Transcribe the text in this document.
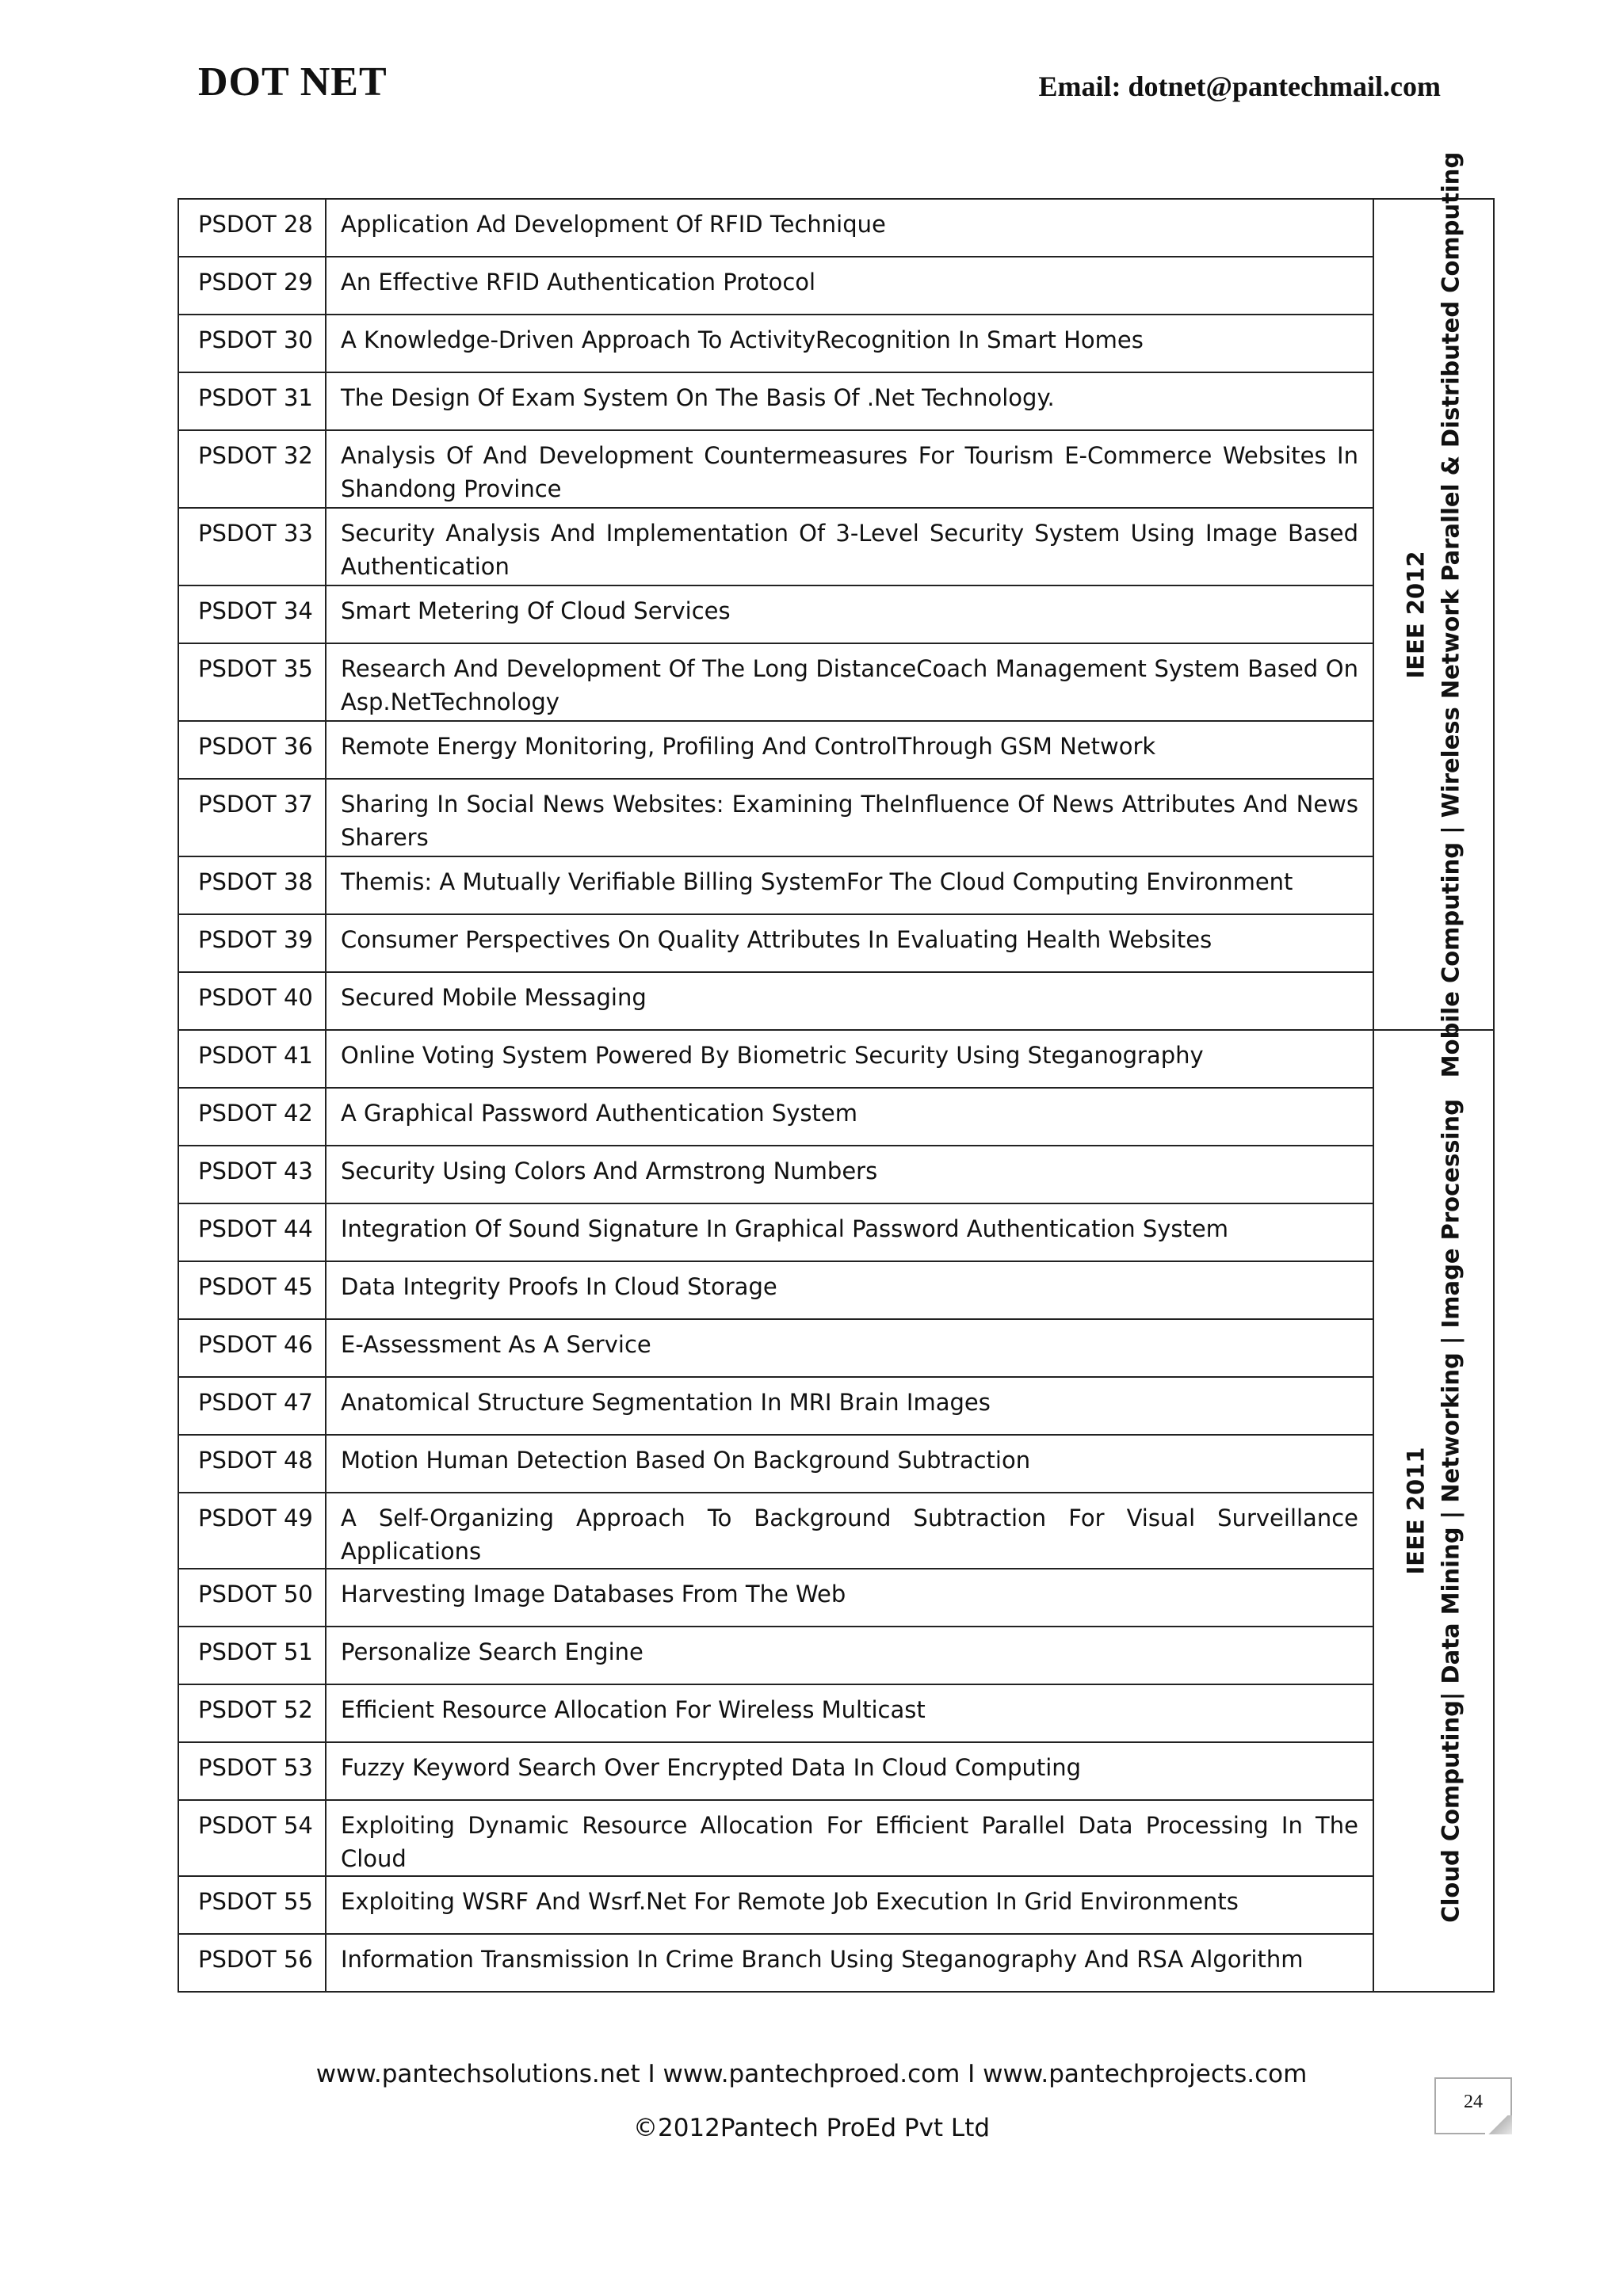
DOT NET	Email: dotnet@pantechmail.com
PSDOT 28	Application Ad Development Of RFID Technique	IEEE 2012 Mobile Computing | Wireless Network Parallel & Distributed Computing

PSDOT 29	An Effective RFID Authentication Protocol	
PSDOT 30	A Knowledge-Driven Approach To ActivityRecognition In Smart Homes	
PSDOT 31	The Design Of Exam System On The Basis Of .Net Technology.	
PSDOT 32	Analysis Of And Development Countermeasures For Tourism E-Commerce Websites In Shandong Province	
PSDOT 33	Security Analysis And Implementation Of 3-Level Security System Using Image Based Authentication	
PSDOT 34	Smart Metering Of Cloud Services	
PSDOT 35	Research And Development Of The Long DistanceCoach Management System Based On Asp.NetTechnology	
PSDOT 36	Remote Energy Monitoring, Profiling And ControlThrough GSM Network	
PSDOT 37	Sharing In Social News Websites: Examining TheInfluence Of News Attributes And News Sharers	
PSDOT 38	Themis: A Mutually Verifiable Billing SystemFor The Cloud Computing Environment	
PSDOT 39	Consumer Perspectives On Quality Attributes In Evaluating Health Websites	
PSDOT 40	Secured Mobile Messaging	
PSDOT 41	Online Voting System Powered By Biometric Security Using Steganography	IEEE 2011 Cloud Computing| Data Mining | Networking | Image Processing

PSDOT 42	A Graphical Password Authentication System	
PSDOT 43	Security Using Colors And Armstrong Numbers	
PSDOT 44	Integration Of Sound Signature In Graphical Password Authentication System	
PSDOT 45	Data Integrity Proofs In Cloud Storage	
PSDOT 46	E-Assessment As A Service	
PSDOT 47	Anatomical Structure Segmentation In MRI Brain Images	
PSDOT 48	Motion Human Detection Based On Background Subtraction	
PSDOT 49	A Self-Organizing Approach To Background Subtraction For Visual Surveillance Applications	
PSDOT 50	Harvesting Image Databases From The Web	
PSDOT 51	Personalize Search Engine	
PSDOT 52	Efficient Resource Allocation For Wireless Multicast	
PSDOT 53	Fuzzy Keyword Search Over Encrypted Data In Cloud Computing	
PSDOT 54	Exploiting Dynamic Resource Allocation For Efficient Parallel Data Processing In The Cloud	
PSDOT 55	Exploiting WSRF And Wsrf.Net For Remote Job Execution In Grid Environments	
PSDOT 56	Information Transmission In Crime Branch Using Steganography And RSA Algorithm	
www.pantechsolutions.net I www.pantechproed.com I www.pantechprojects.com
©2012Pantech ProEd Pvt Ltd
24
